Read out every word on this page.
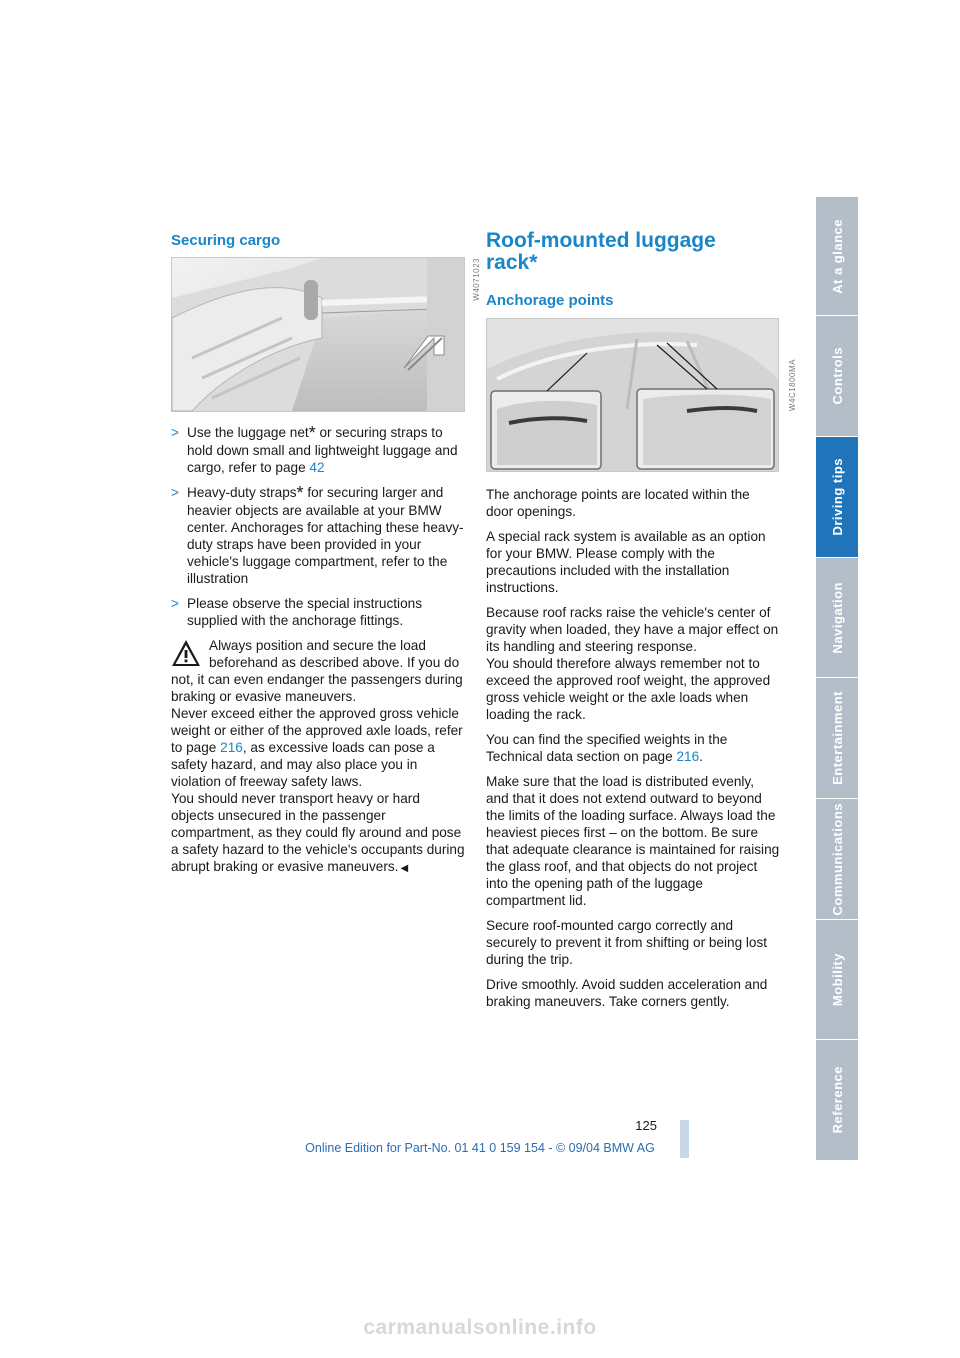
Securing cargo
W4071023
> Use the luggage net* or securing straps to hold down small and lightweight luggage and cargo, refer to page 42
> Heavy-duty straps* for securing larger and heavier objects are available at your BMW center. Anchorages for attaching these heavy-duty straps have been provided in your vehicle's luggage compartment, refer to the illustration
> Please observe the special instructions supplied with the anchorage fittings.
Always position and secure the load beforehand as described above. If you do not, it can even endanger the passengers during braking or evasive maneuvers.
Never exceed either the approved gross vehicle weight or either of the approved axle loads, refer to page 216, as excessive loads can pose a safety hazard, and may also place you in violation of freeway safety laws.
You should never transport heavy or hard objects unsecured in the passenger compartment, as they could fly around and pose a safety hazard to the vehicle's occupants during abrupt braking or evasive maneuvers. ◀
Roof-mounted luggage rack*
Anchorage points
W4C1800MA

The anchorage points are located within the door openings.

A special rack system is available as an option for your BMW. Please comply with the precautions included with the installation instructions.

Because roof racks raise the vehicle's center of gravity when loaded, they have a major effect on its handling and steering response.

You should therefore always remember not to exceed the approved roof weight, the approved gross vehicle weight or the axle loads when loading the rack.

You can find the specified weights in the Technical data section on page 216.

Make sure that the load is distributed evenly, and that it does not extend outward to beyond the limits of the loading surface. Always load the heaviest pieces first – on the bottom. Be sure that adequate clearance is maintained for raising the glass roof, and that objects do not project into the opening path of the luggage compartment lid.

Secure roof-mounted cargo correctly and securely to prevent it from shifting or being lost during the trip.

Drive smoothly. Avoid sudden acceleration and braking maneuvers. Take corners gently.

At a glance
Controls
Driving tips
Navigation
Entertainment
Communications
Mobility
Reference
125
Online Edition for Part-No. 01 41 0 159 154 - © 09/04 BMW AG
carmanualsonline.info
